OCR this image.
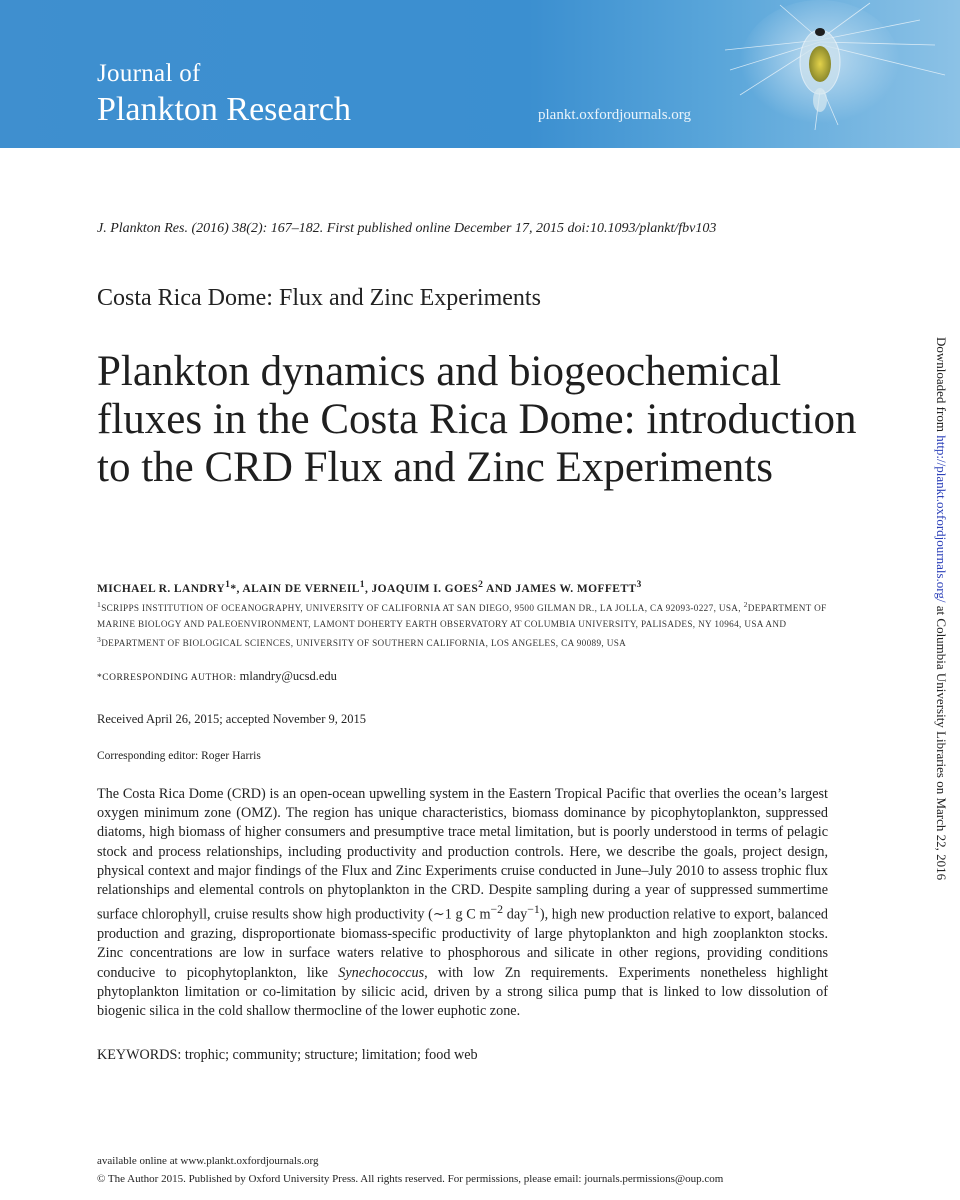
Journal of
Plankton Research	plankt.oxfordjournals.org
J. Plankton Res. (2016) 38(2): 167–182. First published online December 17, 2015 doi:10.1093/plankt/fbv103
Costa Rica Dome: Flux and Zinc Experiments
Plankton dynamics and biogeochemical fluxes in the Costa Rica Dome: introduction to the CRD Flux and Zinc Experiments
MICHAEL R. LANDRY$^1$*, ALAIN DE VERNEIL$^1$, JOAQUIM I. GOES$^2$ AND JAMES W. MOFFETT$^3$
$^1$SCRIPPS INSTITUTION OF OCEANOGRAPHY, UNIVERSITY OF CALIFORNIA AT SAN DIEGO, 9500 GILMAN DR., LA JOLLA, CA 92093-0227, USA, $^2$DEPARTMENT OF MARINE BIOLOGY AND PALEOENVIRONMENT, LAMONT DOHERTY EARTH OBSERVATORY AT COLUMBIA UNIVERSITY, PALISADES, NY 10964, USA AND $^3$DEPARTMENT OF BIOLOGICAL SCIENCES, UNIVERSITY OF SOUTHERN CALIFORNIA, LOS ANGELES, CA 90089, USA
*CORRESPONDING AUTHOR: mlandry@ucsd.edu
Received April 26, 2015; accepted November 9, 2015
Corresponding editor: Roger Harris

The Costa Rica Dome (CRD) is an open-ocean upwelling system in the Eastern Tropical Pacific that overlies the ocean’s largest oxygen minimum zone (OMZ). The region has unique characteristics, biomass dominance by picophytoplankton, suppressed diatoms, high biomass of higher consumers and presumptive trace metal limitation, but is poorly understood in terms of pelagic stock and process relationships, including productivity and production controls. Here, we describe the goals, project design, physical context and major findings of the Flux and Zinc Experiments cruise conducted in June–July 2010 to assess trophic flux relationships and elemental controls on phytoplankton in the CRD. Despite sampling during a year of suppressed summertime surface chlorophyll, cruise results show high productivity (∼1 g C $m^{-2}$ day$^{-1}$), high new production relative to export, balanced production and grazing, disproportionate biomass-specific productivity of large phytoplankton and high zooplankton stocks. Zinc concentrations are low in surface waters relative to phosphorous and silicate in other regions, providing conditions conducive to picophytoplankton, like Synechococcus, with low Zn requirements. Experiments nonetheless highlight phytoplankton limitation or co-limitation by silicic acid, driven by a strong silica pump that is linked to low dissolution of biogenic silica in the cold shallow thermocline of the lower euphotic zone.

KEYWORDS: trophic; community; structure; limitation; food web
available online at www.plankt.oxfordjournals.org
© The Author 2015. Published by Oxford University Press. All rights reserved. For permissions, please email: journals.permissions@oup.com
Downloaded from http://plankt.oxfordjournals.org/ at Columbia University Libraries on March 22, 2016
